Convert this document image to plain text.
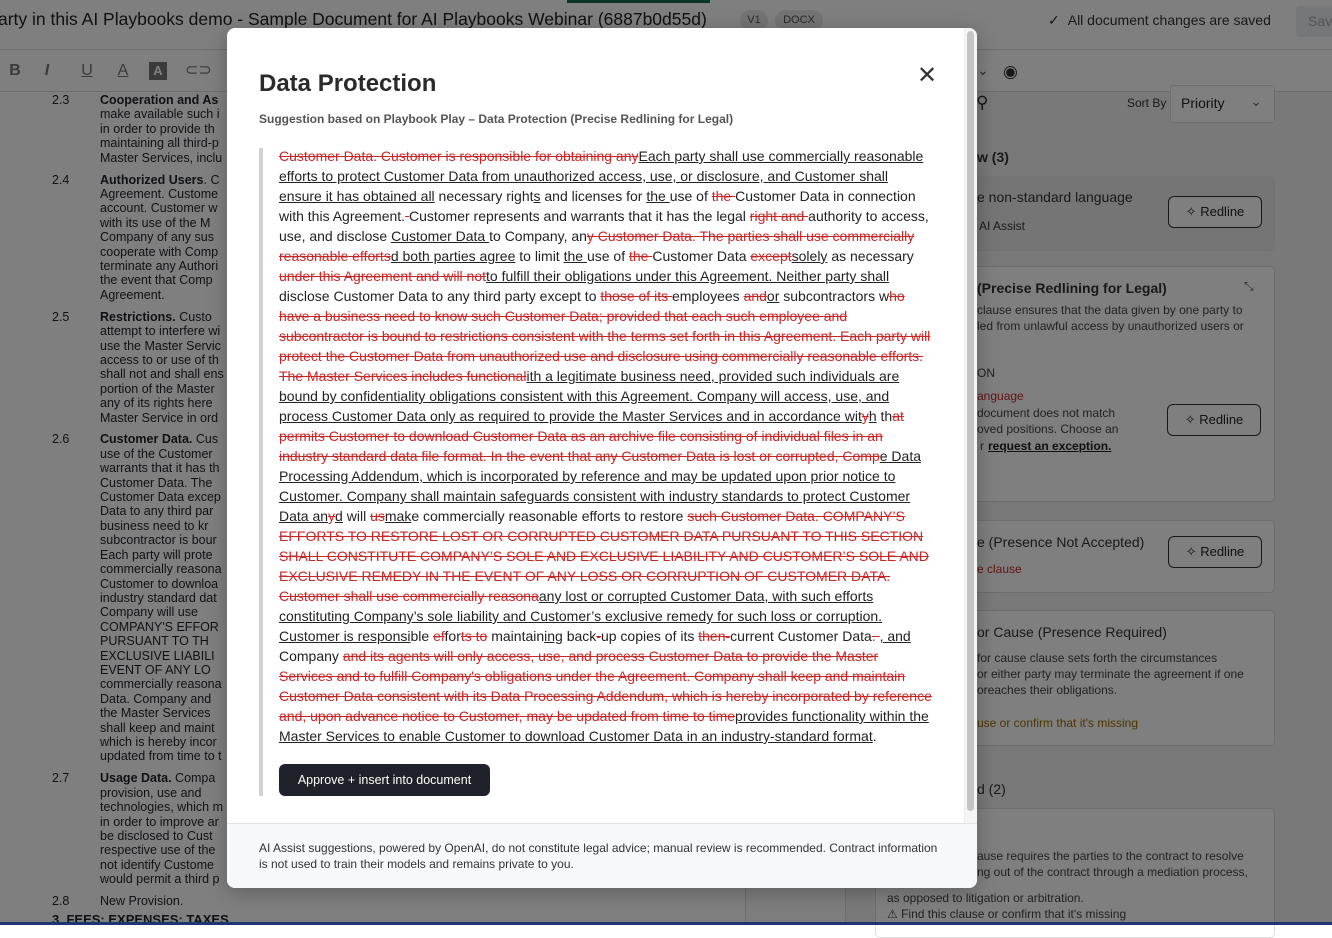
Data Protection	✕
Suggestion based on Playbook Play – Data Protection (Precise Redlining for Legal)
Customer Data. Customer is responsible for obtaining anyEach party shall use commercially reasonable efforts to protect Customer Data from unauthorized access, use, or disclosure, and Customer shall ensure it has obtained all necessary rights and licenses for the use of the Customer Data in connection with this Agreement. Customer represents and warrants that it has the legal right and authority to access, use, and disclose Customer Data to Company, any Customer Data. The parties shall use commercially reasonable effortsd both parties agree to limit the use of the Customer Data exceptsolely as necessary under this Agreement and will notto fulfill their obligations under this Agreement. Neither party shall disclose Customer Data to any third party except to those of its employees andor subcontractors who have a business need to know such Customer Data; provided that each such employee and subcontractor is bound to restrictions consistent with the terms set forth in this Agreement. Each party will protect the Customer Data from unauthorized use and disclosure using commercially reasonable efforts. The Master Services includes functionalith a legitimate business need, provided such individuals are bound by confidentiality obligations consistent with this Agreement. Company will access, use, and process Customer Data only as required to provide the Master Services and in accordance wityh that permits Customer to download Customer Data as an archive file consisting of individual files in an industry standard data file format. In the event that any Customer Data is lost or corrupted, Compe Data Processing Addendum, which is incorporated by reference and may be updated upon prior notice to Customer. Company shall maintain safeguards consistent with industry standards to protect Customer Data anyd will usmake commercially reasonable efforts to restore such Customer Data. COMPANY’S EFFORTS TO RESTORE LOST OR CORRUPTED CUSTOMER DATA PURSUANT TO THIS SECTION SHALL CONSTITUTE COMPANY’S SOLE AND EXCLUSIVE LIABILITY AND CUSTOMER’S SOLE AND EXCLUSIVE REMEDY IN THE EVENT OF ANY LOSS OR CORRUPTION OF CUSTOMER DATA. Customer shall use commercially reasonaany lost or corrupted Customer Data, with such efforts constituting Company’s sole liability and Customer’s exclusive remedy for such loss or corruption. Customer is responsible efforts to maintaining back-up copies of its then-current Customer Data. , and Company and its agents will only access, use, and process Customer Data to provide the Master Services and to fulfill Company's obligations under the Agreement. Company shall keep and maintain Customer Data consistent with its Data Processing Addendum, which is hereby incorporated by reference and, upon advance notice to Customer, may be updated from time to timeprovides functionality within the Master Services to enable Customer to download Customer Data in an industry-standard format.
Approve + insert into document
AI Assist suggestions, powered by OpenAI, do not constitute legal advice; manual review is recommended. Contract information is not used to train their models and remains private to you.
